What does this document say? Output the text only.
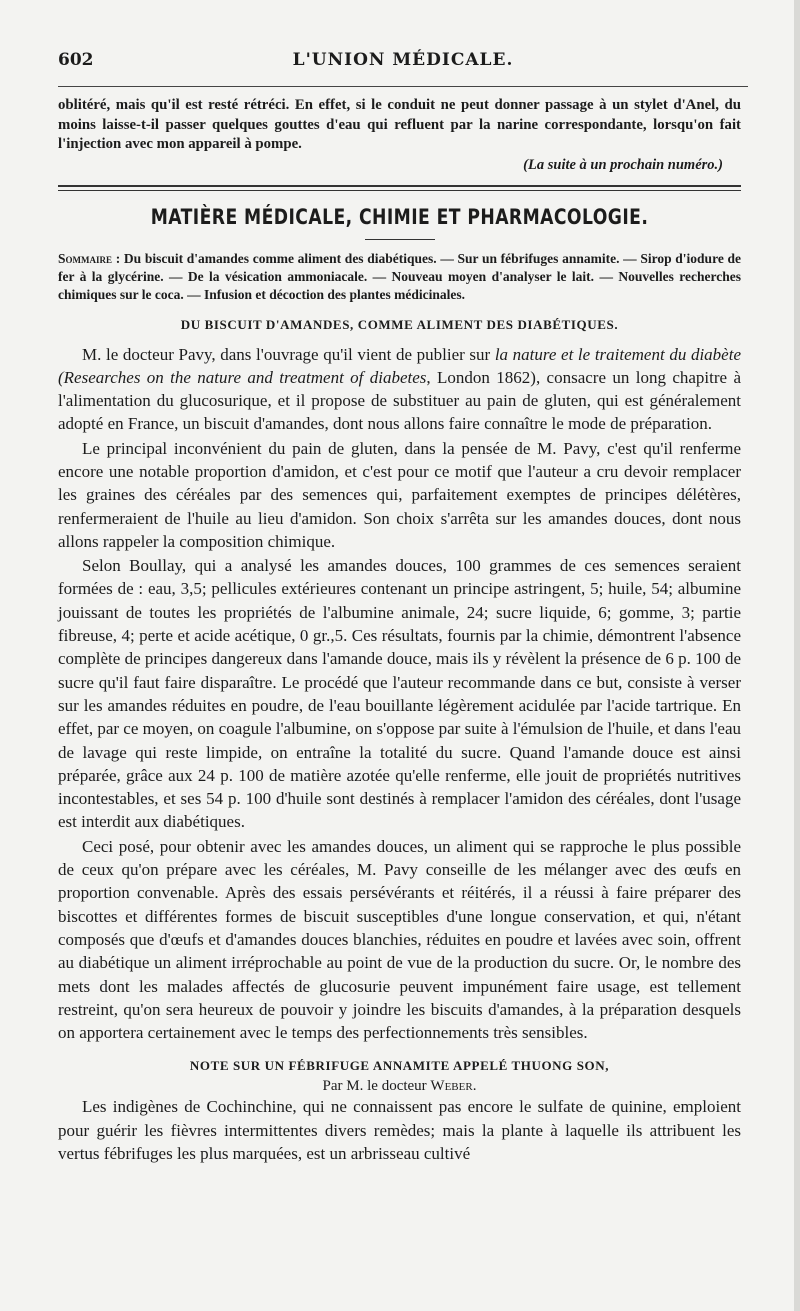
602	L'UNION MÉDICALE.

oblitéré, mais qu'il est resté rétréci. En effet, si le conduit ne peut donner passage à un stylet d'Anel, du moins laisse-t-il passer quelques gouttes d'eau qui refluent par la narine correspondante, lorsqu'on fait l'injection avec mon appareil à pompe.

(La suite à un prochain numéro.)

MATIÈRE MÉDICALE, CHIMIE ET PHARMACOLOGIE.

Sommaire : Du biscuit d'amandes comme aliment des diabétiques. — Sur un fébrifuges annamite. — Sirop d'iodure de fer à la glycérine. — De la vésication ammoniacale. — Nouveau moyen d'analyser le lait. — Nouvelles recherches chimiques sur le coca. — Infusion et décoction des plantes médicinales.

DU BISCUIT D'AMANDES, COMME ALIMENT DES DIABÉTIQUES.

M. le docteur Pavy, dans l'ouvrage qu'il vient de publier sur la nature et le traitement du diabète (Researches on the nature and treatment of diabetes, London 1862), consacre un long chapitre à l'alimentation du glucosurique, et il propose de substituer au pain de gluten, qui est généralement adopté en France, un biscuit d'amandes, dont nous allons faire connaître le mode de préparation.

Le principal inconvénient du pain de gluten, dans la pensée de M. Pavy, c'est qu'il renferme encore une notable proportion d'amidon, et c'est pour ce motif que l'auteur a cru devoir remplacer les graines des céréales par des semences qui, parfaitement exemptes de principes délétères, renfermeraient de l'huile au lieu d'amidon. Son choix s'arrêta sur les amandes douces, dont nous allons rappeler la composition chimique.

Selon Boullay, qui a analysé les amandes douces, 100 grammes de ces semences seraient formées de : eau, 3,5; pellicules extérieures contenant un principe astringent, 5; huile, 54; albumine jouissant de toutes les propriétés de l'albumine animale, 24; sucre liquide, 6; gomme, 3; partie fibreuse, 4; perte et acide acétique, 0 gr.,5. Ces résultats, fournis par la chimie, démontrent l'absence complète de principes dangereux dans l'amande douce, mais ils y révèlent la présence de 6 p. 100 de sucre qu'il faut faire disparaître. Le procédé que l'auteur recommande dans ce but, consiste à verser sur les amandes réduites en poudre, de l'eau bouillante légèrement acidulée par l'acide tartrique. En effet, par ce moyen, on coagule l'albumine, on s'oppose par suite à l'émulsion de l'huile, et dans l'eau de lavage qui reste limpide, on entraîne la totalité du sucre. Quand l'amande douce est ainsi préparée, grâce aux 24 p. 100 de matière azotée qu'elle renferme, elle jouit de propriétés nutritives incontestables, et ses 54 p. 100 d'huile sont destinés à remplacer l'amidon des céréales, dont l'usage est interdit aux diabétiques.

Ceci posé, pour obtenir avec les amandes douces, un aliment qui se rapproche le plus possible de ceux qu'on prépare avec les céréales, M. Pavy conseille de les mélanger avec des œufs en proportion convenable. Après des essais persévérants et réitérés, il a réussi à faire préparer des biscottes et différentes formes de biscuit susceptibles d'une longue conservation, et qui, n'étant composés que d'œufs et d'amandes douces blanchies, réduites en poudre et lavées avec soin, offrent au diabétique un aliment irréprochable au point de vue de la production du sucre. Or, le nombre des mets dont les malades affectés de glucosurie peuvent impunément faire usage, est tellement restreint, qu'on sera heureux de pouvoir y joindre les biscuits d'amandes, à la préparation desquels on apportera certainement avec le temps des perfectionnements très sensibles.

NOTE SUR UN FÉBRIFUGE ANNAMITE APPELÉ THUONG SON,

Par M. le docteur Weber.

Les indigènes de Cochinchine, qui ne connaissent pas encore le sulfate de quinine, emploient pour guérir les fièvres intermittentes divers remèdes; mais la plante à laquelle ils attribuent les vertus fébrifuges les plus marquées, est un arbrisseau cultivé
